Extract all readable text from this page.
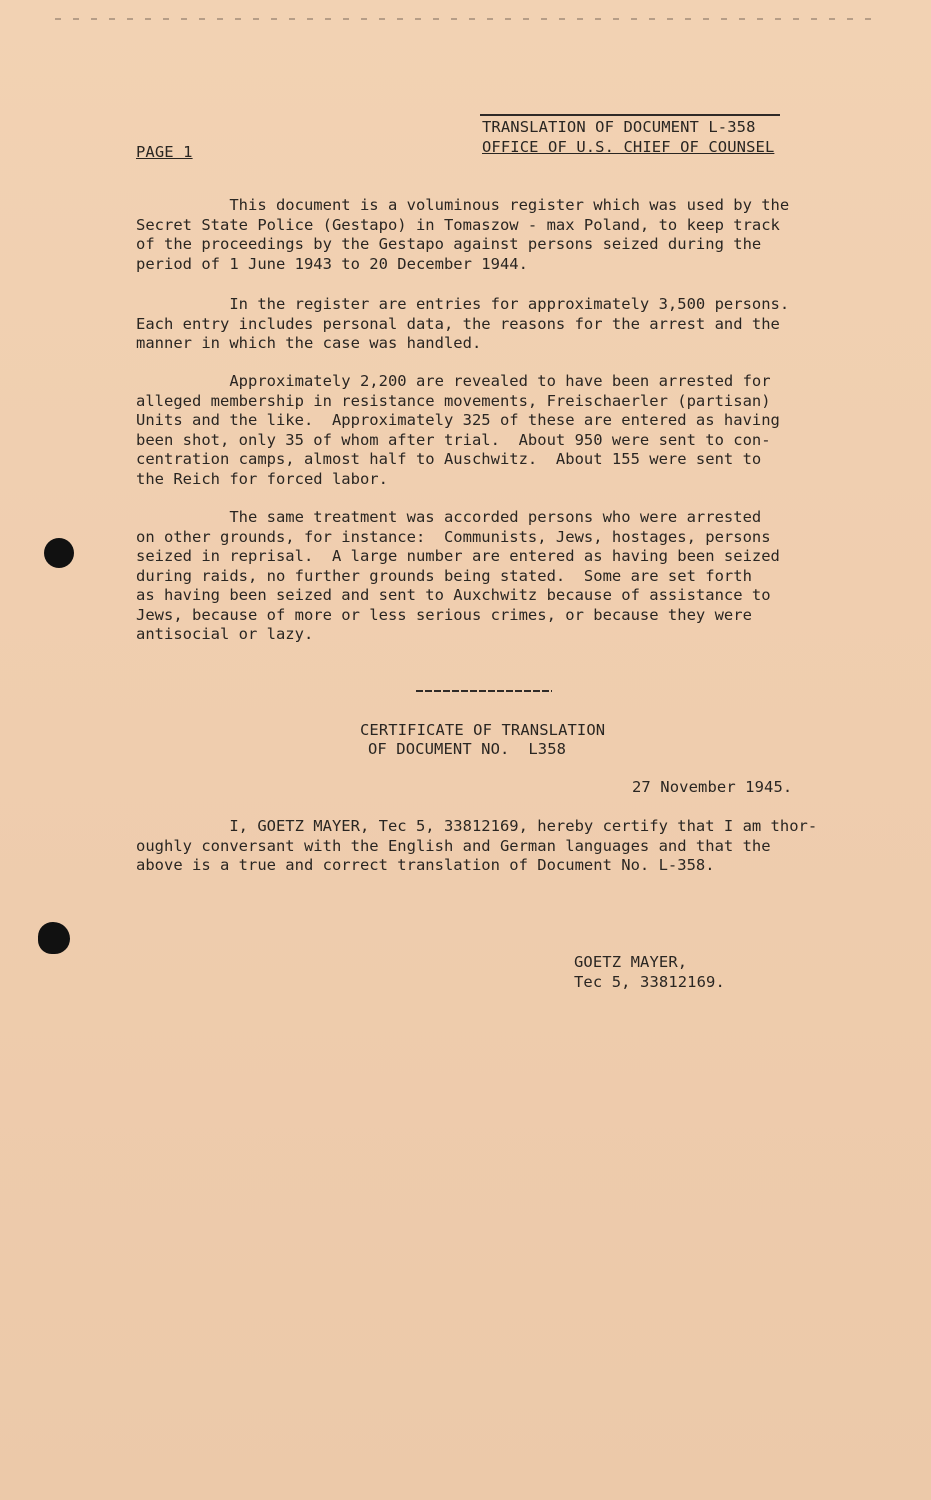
PAGE 1
TRANSLATION OF DOCUMENT L-358
OFFICE OF U.S. CHIEF OF COUNSEL
This document is a voluminous register which was used by the
Secret State Police (Gestapo) in Tomaszow - max Poland, to keep track
of the proceedings by the Gestapo against persons seized during the
period of 1 June 1943 to 20 December 1944.
In the register are entries for approximately 3,500 persons.
Each entry includes personal data, the reasons for the arrest and the
manner in which the case was handled.
Approximately 2,200 are revealed to have been arrested for
alleged membership in resistance movements, Freischaerler (partisan)
Units and the like.  Approximately 325 of these are entered as having
been shot, only 35 of whom after trial.  About 950 were sent to con-
centration camps, almost half to Auschwitz.  About 155 were sent to
the Reich for forced labor.
The same treatment was accorded persons who were arrested
on other grounds, for instance:  Communists, Jews, hostages, persons
seized in reprisal.  A large number are entered as having been seized
during raids, no further grounds being stated.  Some are set forth
as having been seized and sent to Auxchwitz because of assistance to
Jews, because of more or less serious crimes, or because they were
antisocial or lazy.
CERTIFICATE OF TRANSLATION
OF DOCUMENT NO.  L358
27 November 1945.
I, GOETZ MAYER, Tec 5, 33812169, hereby certify that I am thor-
oughly conversant with the English and German languages and that the
above is a true and correct translation of Document No. L-358.
GOETZ MAYER,
Tec 5, 33812169.
